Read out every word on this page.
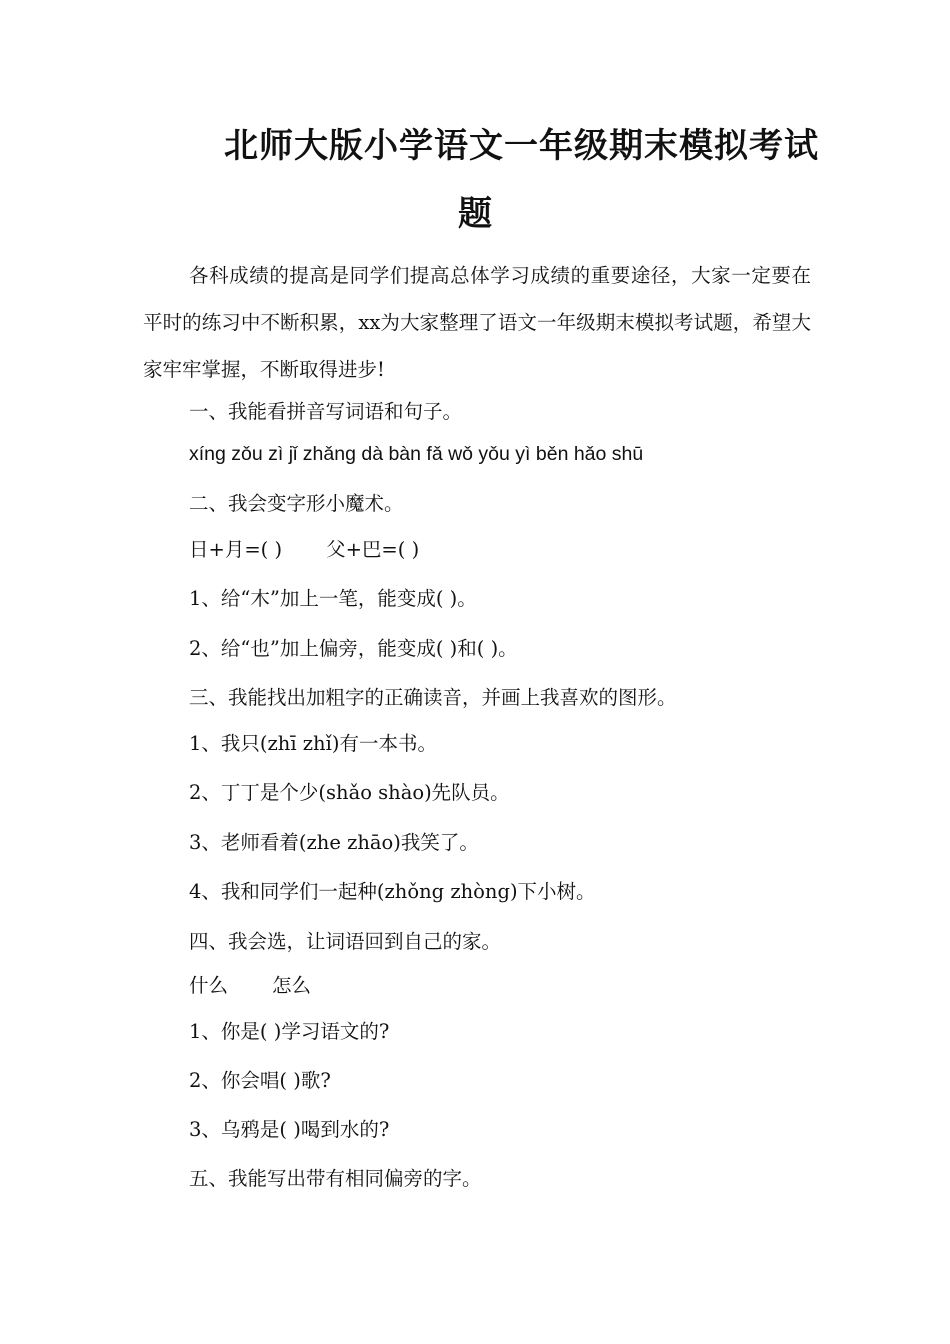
北师大版小学语文一年级期末模拟考试
题
各科成绩的提高是同学们提高总体学习成绩的重要途径，大家一定要在平时的练习中不断积累，xx为大家整理了语文一年级期末模拟考试题，希望大家牢牢掌握，不断取得进步!
一、我能看拼音写词语和句子。
xíng zǒu zì jǐ zhǎng dà bàn fǎ wǒ yǒu yì běn hǎo shū
二、我会变字形小魔术。
日+月=( ) 父+巴=( )
1、给“木”加上一笔，能变成( )。
2、给“也”加上偏旁，能变成( )和( )。
三、我能找出加粗字的正确读音，并画上我喜欢的图形。
1、我只(zhī zhǐ)有一本书。
2、丁丁是个少(shǎo shào)先队员。
3、老师看着(zhe zhāo)我笑了。
4、我和同学们一起种(zhǒng zhòng)下小树。
四、我会选，让词语回到自己的家。
什么 怎么
1、你是( )学习语文的?
2、你会唱( )歌?
3、乌鸦是( )喝到水的?
五、我能写出带有相同偏旁的字。
